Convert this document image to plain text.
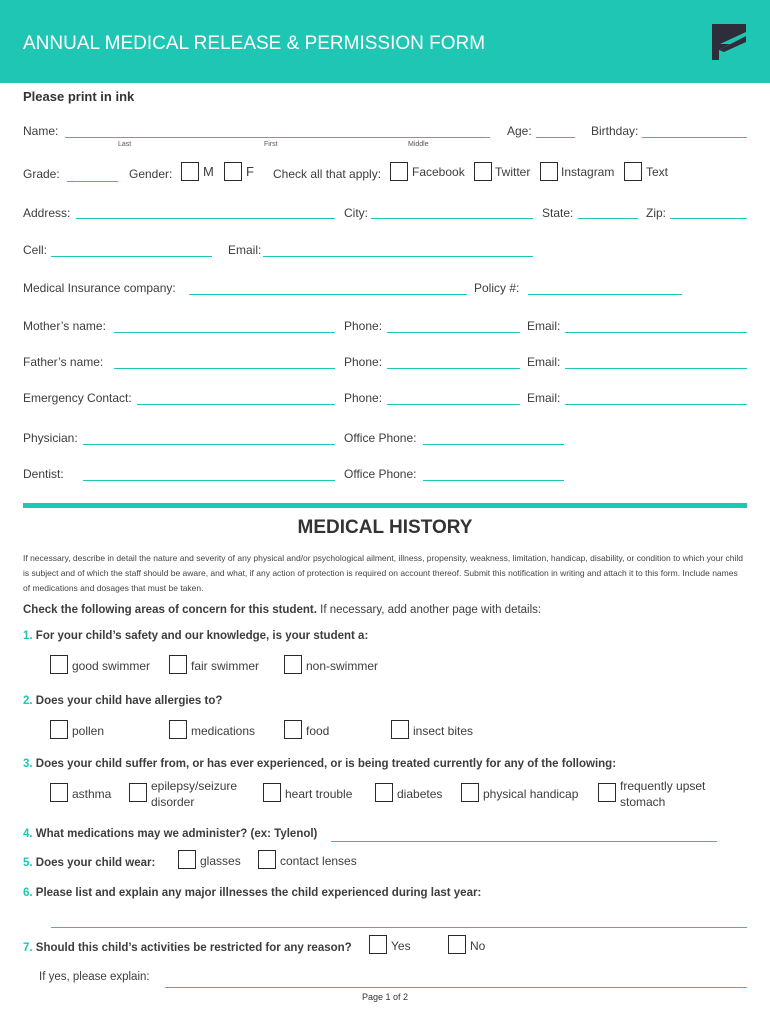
ANNUAL MEDICAL RELEASE & PERMISSION FORM
Please print in ink
Name:
Last	First	Middle
Age:	Birthday:
Grade:	Gender: M F Check all that apply:	Facebook	Twitter	Instagram	Text
Address:	City:	State:	Zip:
Cell:	Email:
Medical Insurance company:	Policy #:
Mother’s name:	Phone:	Email:
Father’s name:	Phone:	Email:
Emergency Contact:	Phone:	Email:
Physician:	Office Phone:
Dentist:	Office Phone:
MEDICAL HISTORY
If necessary, describe in detail the nature and severity of any physical and/or psychological ailment, illness, propensity, weakness, limitation, handicap, disability, or condition to which your child is subject and of which the staff should be aware, and what, if any action of protection is required on account thereof. Submit this notification in writing and attach it to this form. Include names of medications and dosages that must be taken.
Check the following areas of concern for this student. If necessary, add another page with details:
1. For your child’s safety and our knowledge, is your student a:
good swimmer	fair swimmer	non-swimmer
2. Does your child have allergies to?
pollen	medications	food	insect bites
3. Does your child suffer from, or has ever experienced, or is being treated currently for any of the following:
asthma
epilepsy/seizure
disorder
heart trouble	diabetes	physical handicap
frequently upset
stomach
4. What medications may we administer? (ex: Tylenol)
5. Does your child wear:	glasses	contact lenses
6. Please list and explain any major illnesses the child experienced during last year:
7. Should this child’s activities be restricted for any reason?	Yes	No
If yes, please explain:
Page 1 of 2
